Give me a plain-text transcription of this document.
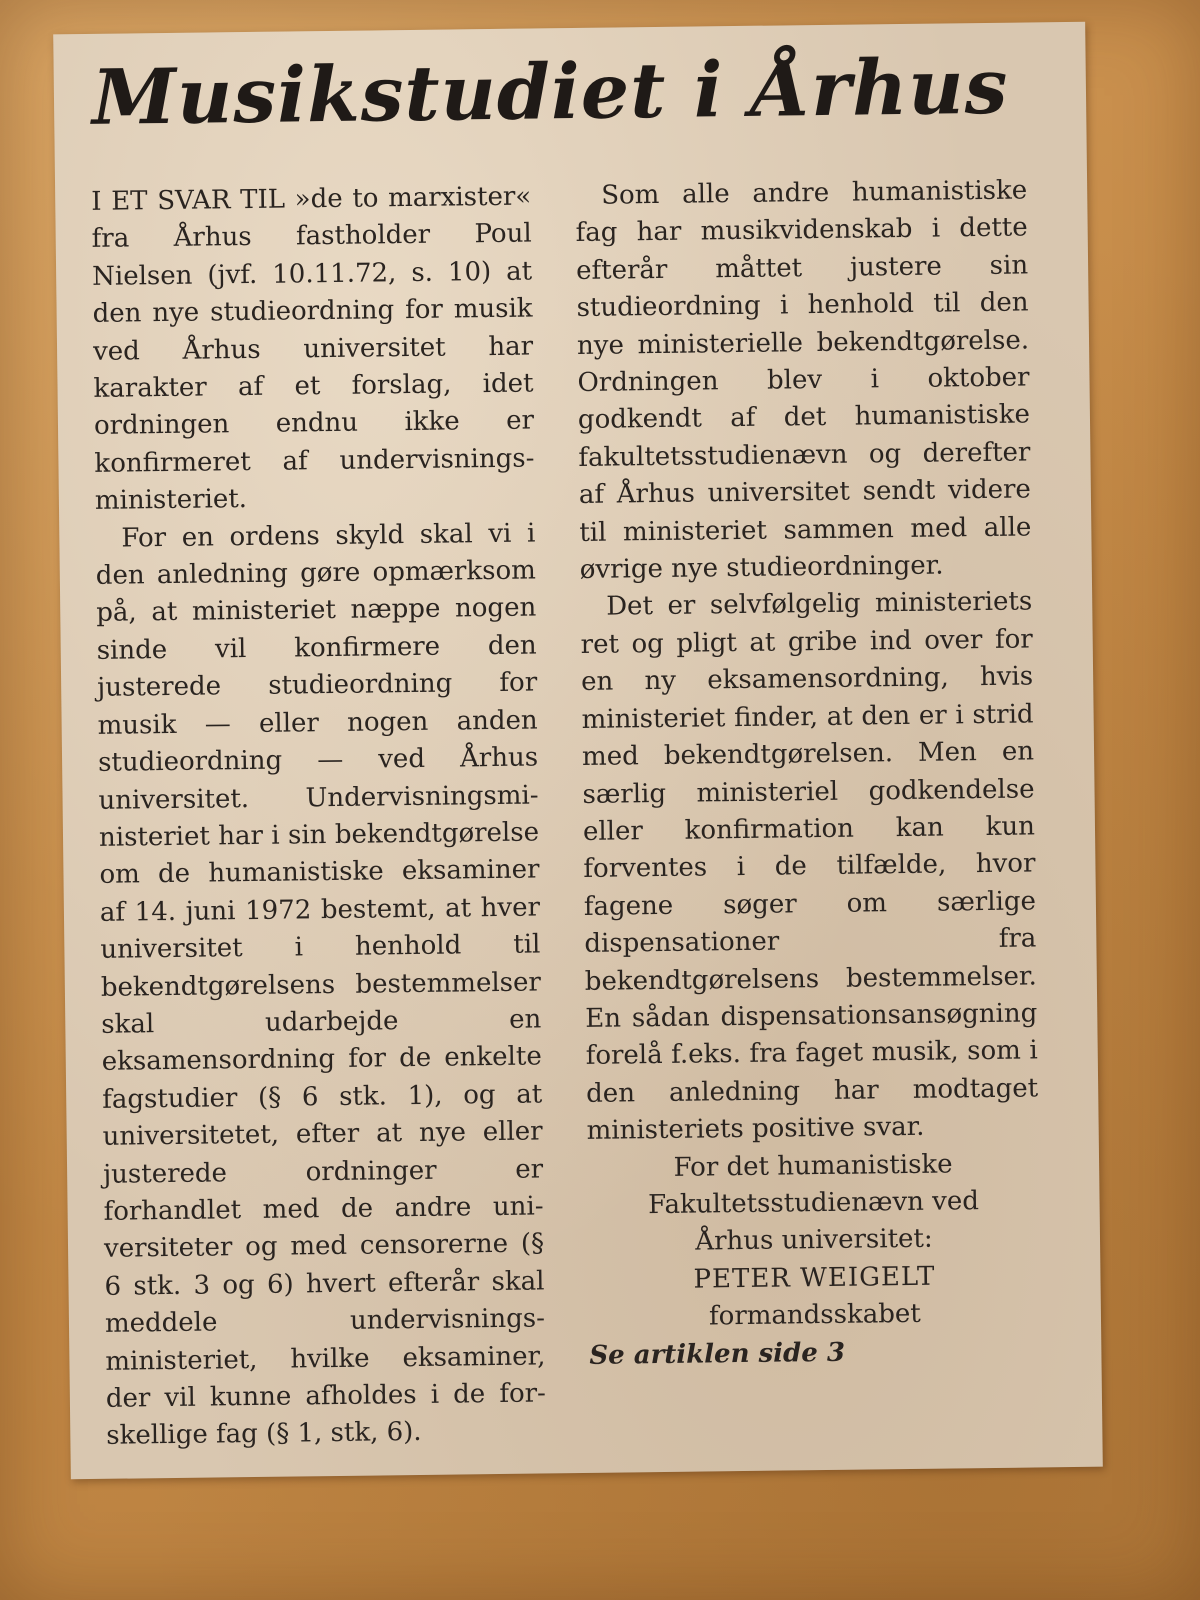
Musikstudiet i Århus

I ET SVAR TIL »de to marxister« fra Århus fastholder Poul Nielsen (jvf. 10.11.72, s. 10) at den nye studieordning for musik ved Århus universitet har karakter af et forslag, idet ordningen endnu ikke er konfirmeret af undervisningsministeriet.

For en ordens skyld skal vi i den anledning gøre opmærksom på, at ministeriet næppe nogen sinde vil konfirmere den justerede studieordning for musik — eller nogen anden studieordning — ved Århus universitet. Undervisningsministeriet har i sin bekendtgørelse om de humanistiske eksaminer af 14. juni 1972 bestemt, at hver universitet i henhold til bekendtgørelsens bestemmelser skal udarbejde en eksamensordning for de enkelte fagstudier (§ 6 stk. 1), og at universitetet, efter at nye eller justerede ordninger er forhandlet med de andre universiteter og med censorerne (§ 6 stk. 3 og 6) hvert efterår skal meddele undervisningsministeriet, hvilke eksaminer, der vil kunne afholdes i de forskellige fag (§ 1, stk, 6).

Som alle andre humanistiske fag har musikvidenskab i dette efterår måttet justere sin studieordning i henhold til den nye ministerielle bekendtgørelse. Ordningen blev i oktober godkendt af det humanistiske fakultetsstudienævn og derefter af Århus universitet sendt videre til ministeriet sammen med alle øvrige nye studieordninger.

Det er selvfølgelig ministeriets ret og pligt at gribe ind over for en ny eksamensordning, hvis ministeriet finder, at den er i strid med bekendtgørelsen. Men en særlig ministeriel godkendelse eller konfirmation kan kun forventes i de tilfælde, hvor fagene søger om særlige dispensationer fra bekendtgørelsens bestemmelser. En sådan dispensationsansøgning forelå f.eks. fra faget musik, som i den anledning har modtaget ministeriets positive svar.

For det humanistiske

Fakultetsstudienævn ved

Århus universitet:

PETER WEIGELT

formandsskabet

Se artiklen side 3
